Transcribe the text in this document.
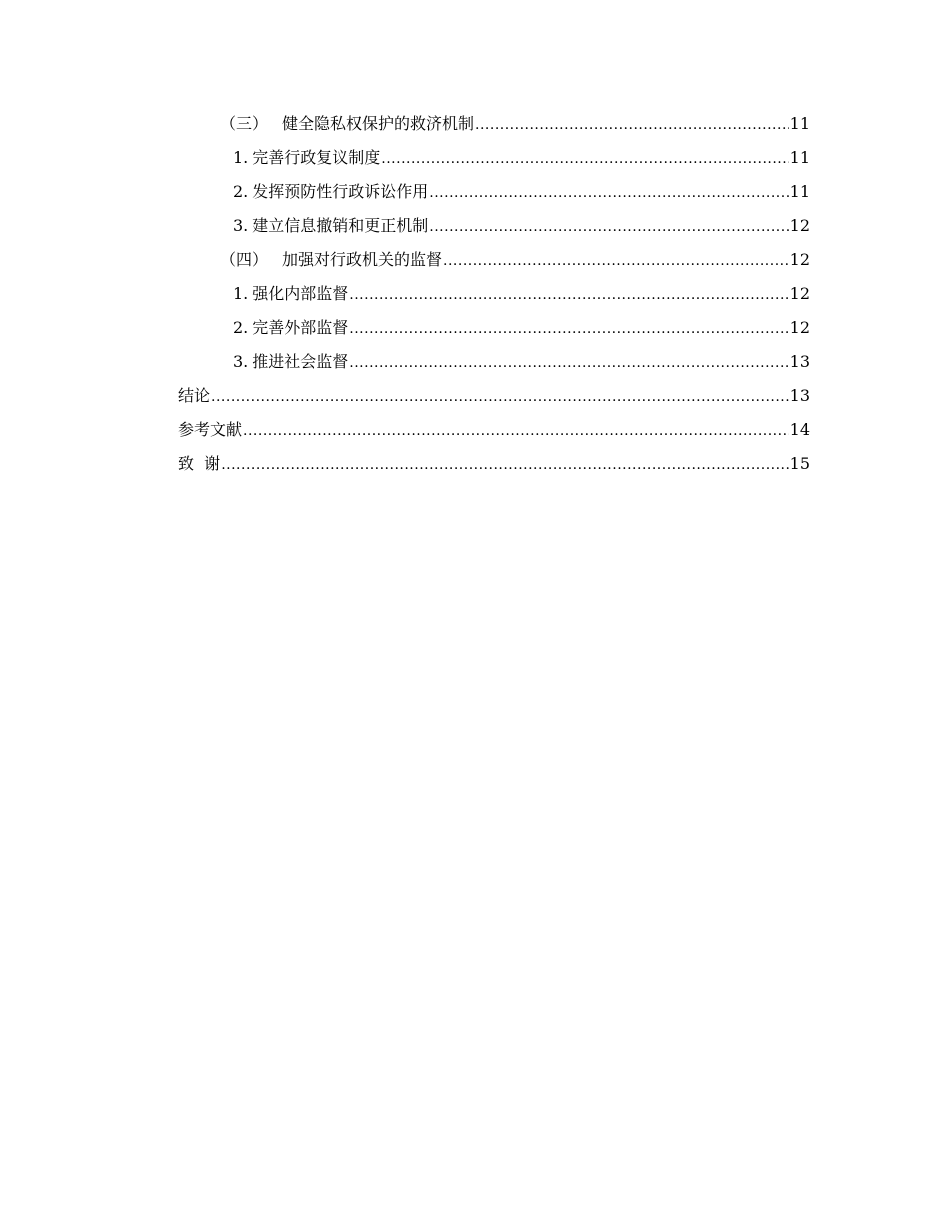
（三） 健全隐私权保护的救济机制 .....	11
1. 完善行政复议制度 .....	11
2. 发挥预防性行政诉讼作用 .....	11
3. 建立信息撤销和更正机制 .....	12
（四） 加强对行政机关的监督 .....	12
1. 强化内部监督 .....	12
2. 完善外部监督 .....	12
3. 推进社会监督 .....	13
结论 .....	13
参考文献 .....	14
致  谢 .....	15
